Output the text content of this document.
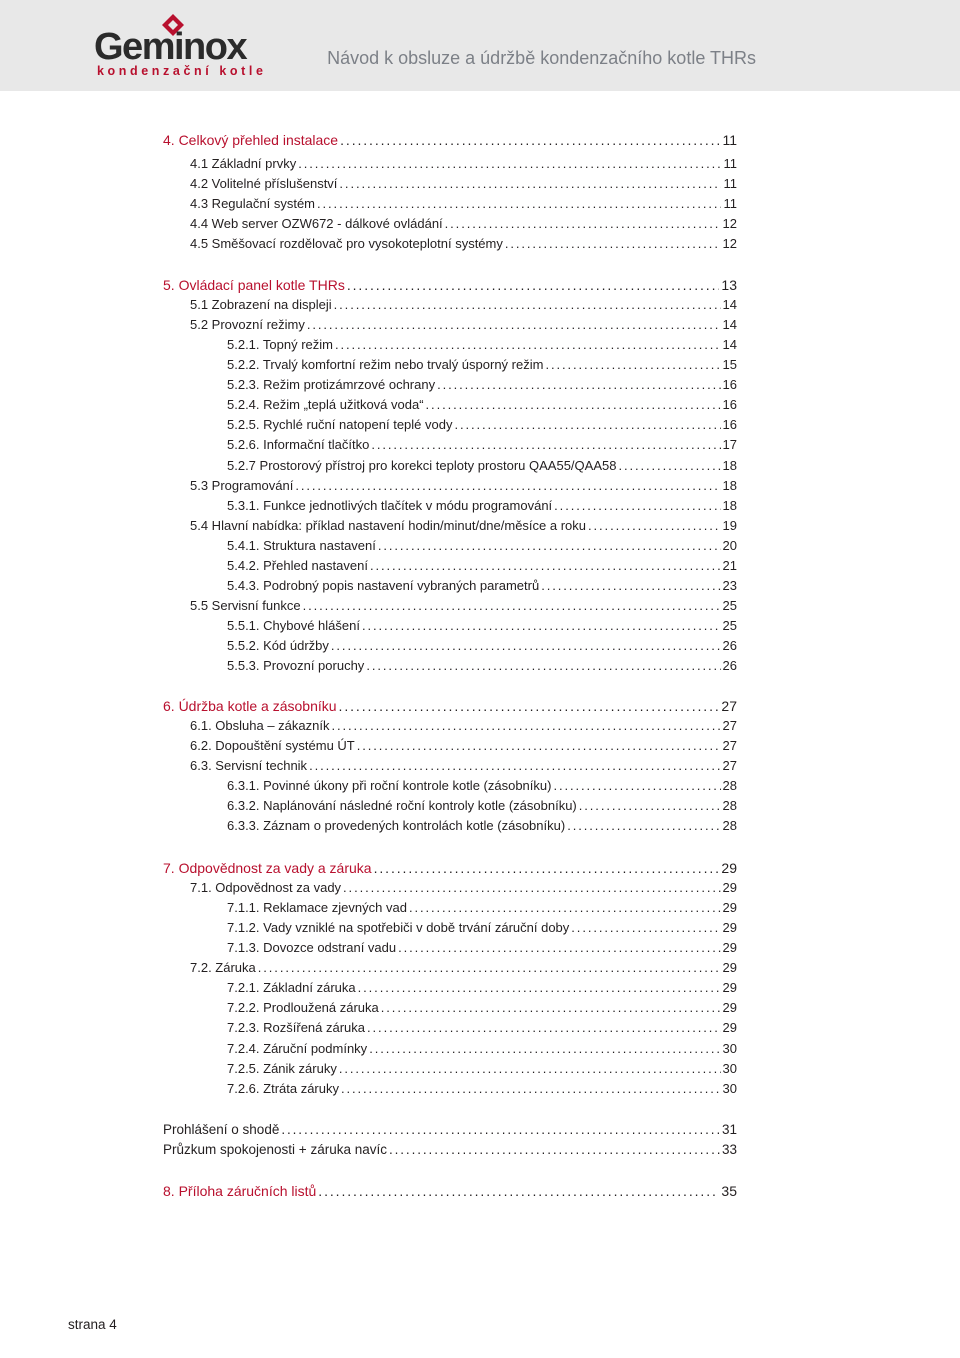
Geminox
kondenzační kotle
Návod k obsluze a údržbě kondenzačního kotle THRs
4. Celkový přehled instalace .....	11
4.1 Základní prvky .....	11
4.2 Volitelné příslušenství .....	11
4.3 Regulační systém .....	11
4.4 Web server OZW672 - dálkové ovládání .....	12
4.5 Směšovací rozdělovač pro vysokoteplotní systémy .....	12
5. Ovládací panel kotle THRs .....	13
5.1 Zobrazení na displeji .....	14
5.2 Provozní režimy .....	14
5.2.1. Topný režim .....	14
5.2.2. Trvalý komfortní režim nebo trvalý úsporný režim .....	15
5.2.3. Režim protizámrzové ochrany .....	16
5.2.4. Režim „teplá užitková voda“ .....	16
5.2.5. Rychlé ruční natopení teplé vody .....	16
5.2.6. Informační tlačítko .....	17
5.2.7 Prostorový přístroj pro korekci teploty prostoru QAA55/QAA58 .....	18
5.3 Programování .....	18
5.3.1. Funkce jednotlivých tlačítek v módu programování .....	18
5.4 Hlavní nabídka: příklad nastavení hodin/minut/dne/měsíce a roku .....	19
5.4.1. Struktura nastavení .....	20
5.4.2. Přehled nastavení .....	21
5.4.3. Podrobný popis nastavení vybraných parametrů .....	23
5.5 Servisní funkce .....	25
5.5.1. Chybové hlášení .....	25
5.5.2. Kód údržby .....	26
5.5.3. Provozní poruchy .....	26
6. Údržba kotle a zásobníku .....	27
6.1. Obsluha – zákazník .....	27
6.2. Dopouštění systému ÚT .....	27
6.3. Servisní technik .....	27
6.3.1. Povinné úkony při roční kontrole kotle (zásobníku) .....	28
6.3.2. Naplánování následné roční kontroly kotle (zásobníku) .....	28
6.3.3. Záznam o provedených kontrolách kotle (zásobníku) .....	28
7. Odpovědnost za vady a záruka .....	29
7.1. Odpovědnost za vady .....	29
7.1.1. Reklamace zjevných vad .....	29
7.1.2. Vady vzniklé na spotřebiči v době trvání záruční doby .....	29
7.1.3. Dovozce odstraní vadu .....	29
7.2. Záruka .....	29
7.2.1. Základní záruka .....	29
7.2.2. Prodloužená záruka .....	29
7.2.3. Rozšířená záruka .....	29
7.2.4. Záruční podmínky .....	30
7.2.5. Zánik záruky .....	30
7.2.6. Ztráta záruky .....	30
Prohlášení o shodě .....	31
Průzkum spokojenosti + záruka navíc .....	33
8. Příloha záručních listů .....	35
strana 4
